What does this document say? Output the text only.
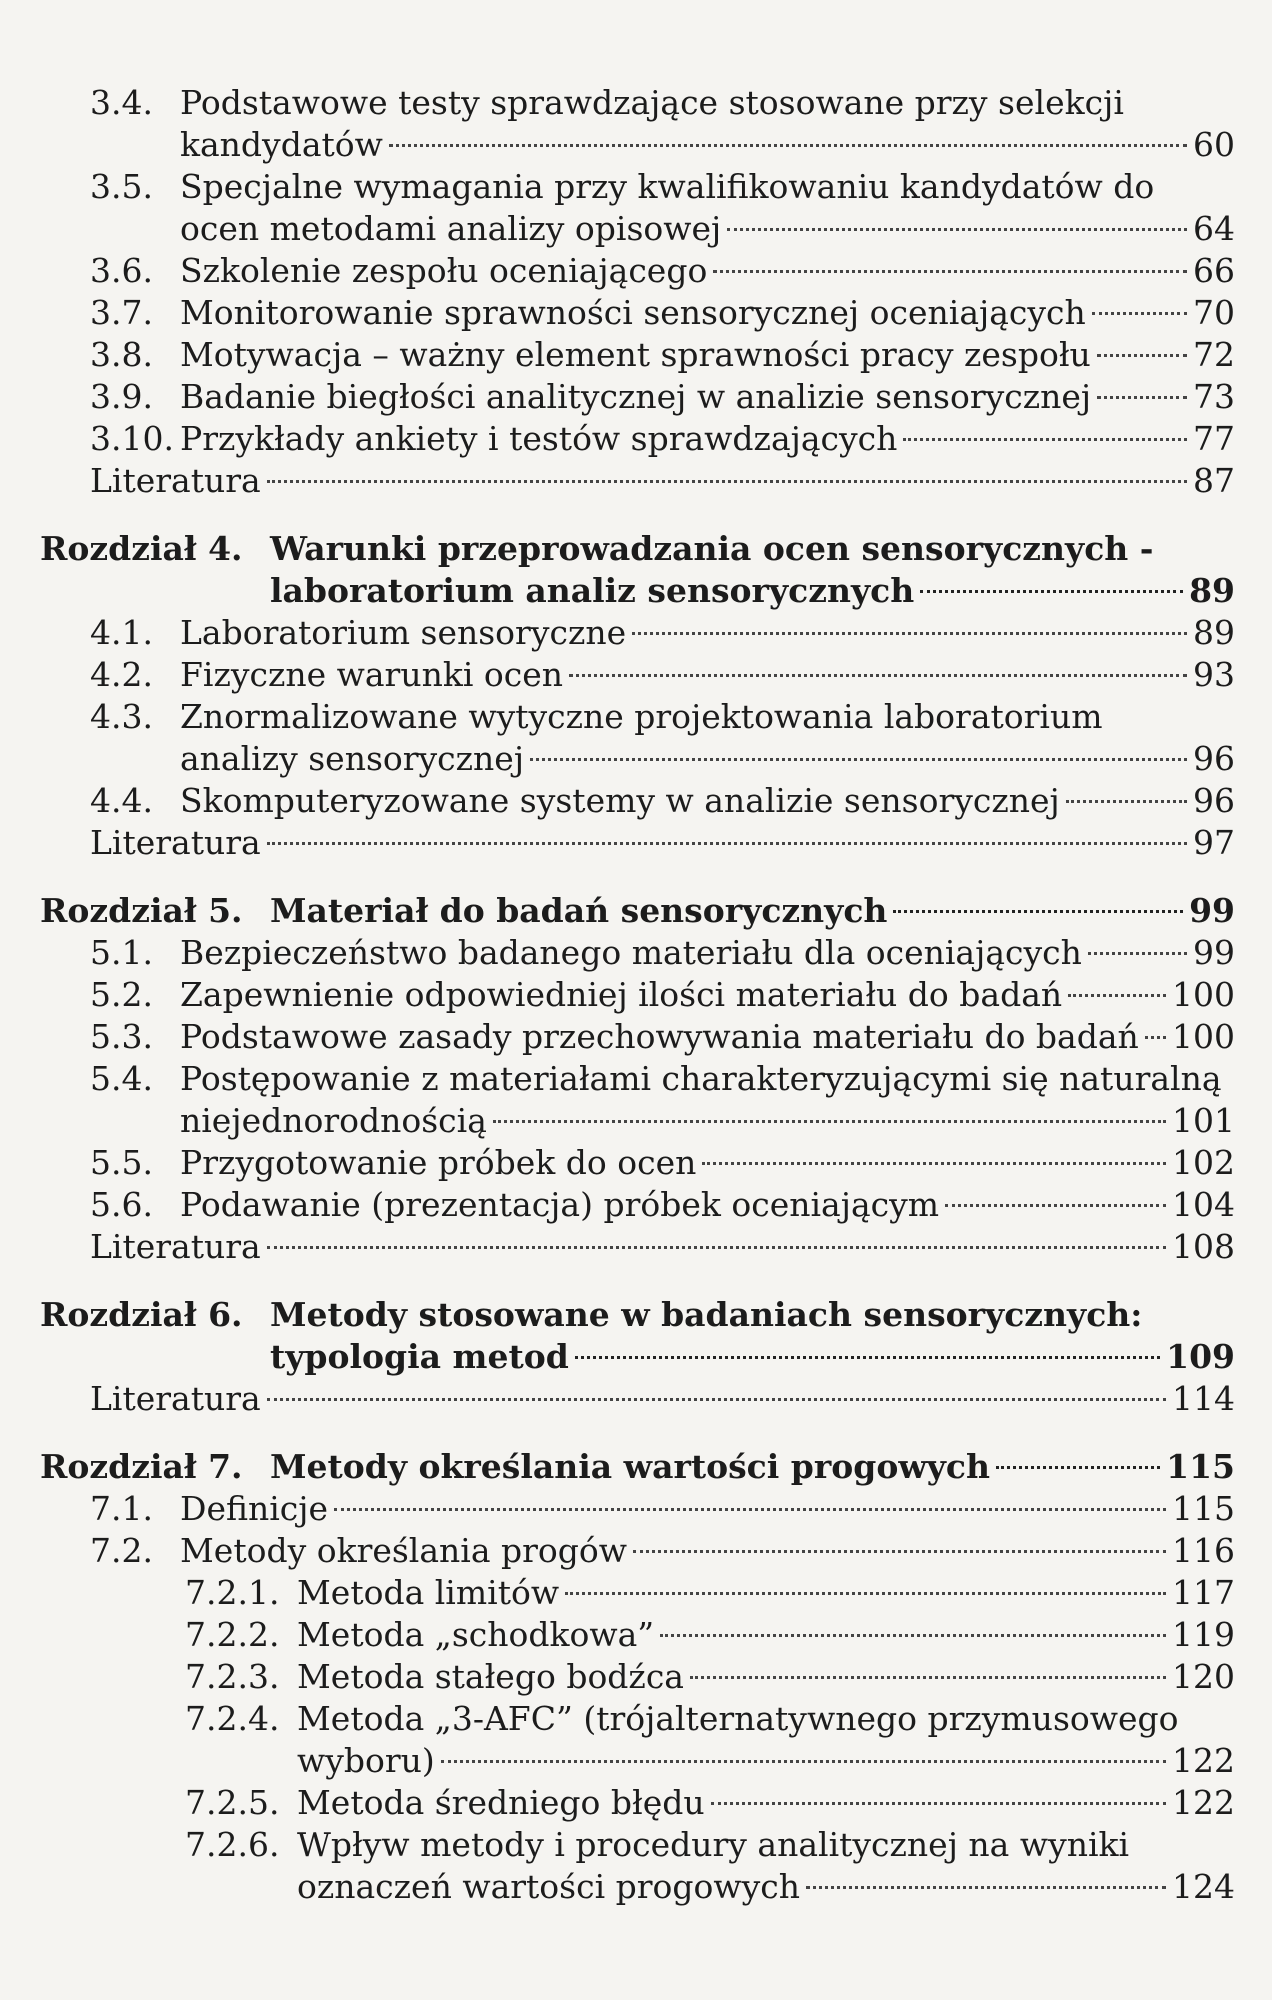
3.4. Podstawowe testy sprawdzające stosowane przy selekcji
kandydatów	60
3.5. Specjalne wymagania przy kwalifikowaniu kandydatów do
ocen metodami analizy opisowej	64
3.6. Szkolenie zespołu oceniającego	66
3.7. Monitorowanie sprawności sensorycznej oceniających	70
3.8. Motywacja – ważny element sprawności pracy zespołu	72
3.9. Badanie biegłości analitycznej w analizie sensorycznej	73
3.10. Przykłady ankiety i testów sprawdzających	77
Literatura	87
Rozdział 4. Warunki przeprowadzania ocen sensorycznych -
laboratorium analiz sensorycznych	89
4.1. Laboratorium sensoryczne	89
4.2. Fizyczne warunki ocen	93
4.3. Znormalizowane wytyczne projektowania laboratorium
analizy sensorycznej	96
4.4. Skomputeryzowane systemy w analizie sensorycznej	96
Literatura	97
Rozdział 5. Materiał do badań sensorycznych	99
5.1. Bezpieczeństwo badanego materiału dla oceniających	99
5.2. Zapewnienie odpowiedniej ilości materiału do badań	100
5.3. Podstawowe zasady przechowywania materiału do badań 100
5.4. Postępowanie z materiałami charakteryzującymi się naturalną
niejednorodnością	101
5.5. Przygotowanie próbek do ocen	102
5.6. Podawanie (prezentacja) próbek oceniającym	104
Literatura	108
Rozdział 6. Metody stosowane w badaniach sensorycznych:
typologia metod	109
Literatura	114
Rozdział 7. Metody określania wartości progowych	115
7.1. Definicje	115
7.2. Metody określania progów	116
7.2.1. Metoda limitów	117
7.2.2. Metoda „schodkowa”	119
7.2.3. Metoda stałego bodźca	120
7.2.4. Metoda „3-AFC” (trójalternatywnego przymusowego
wyboru)	122
7.2.5. Metoda średniego błędu	122
7.2.6. Wpływ metody i procedury analitycznej na wyniki
oznaczeń wartości progowych	124
